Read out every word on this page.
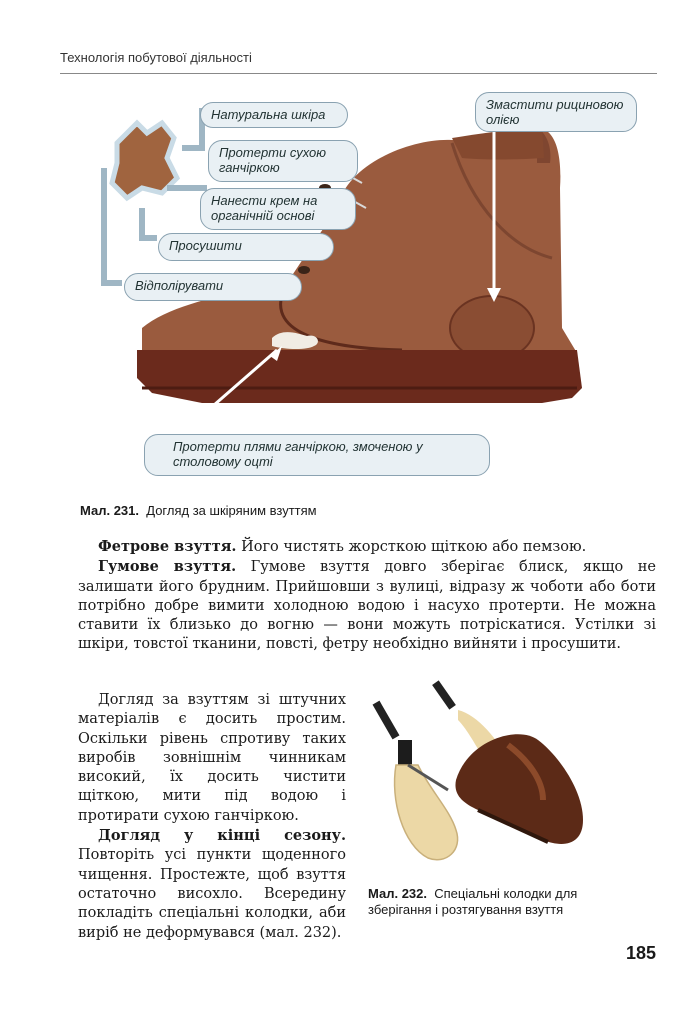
Технологія побутової діяльності
Натуральна шкіра
Протерти сухою ганчіркою
Нанести крем на органічній основі
Просушити
Відполірувати
Змастити рициновою олією
Протерти плями ганчіркою, змоченою у столовому оцті
Мал. 231. Догляд за шкіряним взуттям

Фетрове взуття. Його чистять жорсткою щіткою або пемзою.

Гумове взуття. Гумове взуття довго зберігає блиск, якщо не залишати його брудним. Прийшовши з вулиці, відразу ж чоботи або боти потрібно добре вимити холодною водою і насухо протерти. Не можна ставити їх близько до вогню — вони можуть потріскатися. Устілки зі шкіри, товстої тканини, повсті, фетру необхідно вийняти і просушити.

Догляд за взуттям зі штучних матеріалів є досить простим. Оскільки рівень спротиву таких виробів зовнішнім чинникам високий, їх досить чистити щіткою, мити під водою і протирати сухою ганчіркою.

Догляд у кінці сезону. Повторіть усі пункти щоденного чищення. Простежте, щоб взуття остаточно висохло. Всередину покладіть спеціальні колодки, аби виріб не деформувався (мал. 232).

Мал. 232. Спеціальні колодки для зберігання і розтягування взуття
185
